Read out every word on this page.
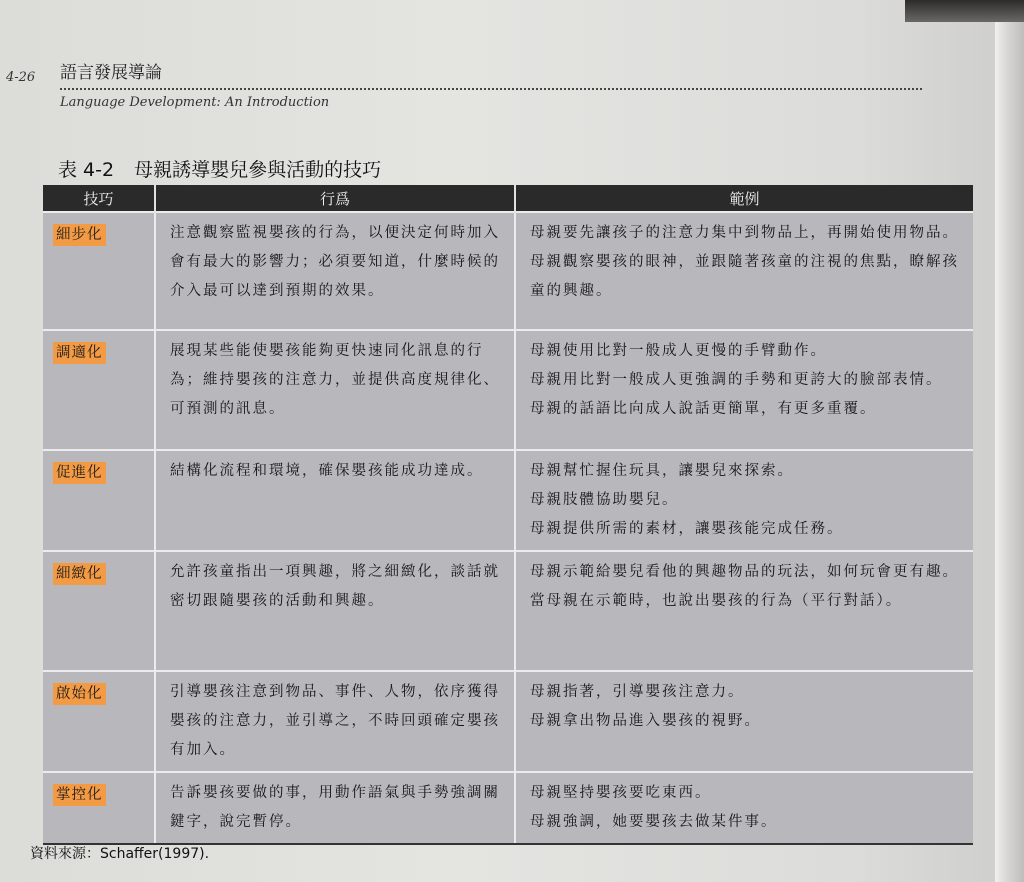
4-26 語言發展導論
Language Development: An Introduction
表 4-2 母親誘導嬰兒參與活動的技巧
技巧	行爲	範例
細步化	注意觀察監視嬰孩的行為，以便決定何時加入會有最大的影響力；必須要知道，什麼時候的介入最可以達到預期的效果。	母親要先讓孩子的注意力集中到物品上，再開始使用物品。
母親觀察嬰孩的眼神，並跟隨著孩童的注視的焦點，瞭解孩童的興趣。

調適化	展現某些能使嬰孩能夠更快速同化訊息的行為；維持嬰孩的注意力，並提供高度規律化、可預測的訊息。	母親使用比對一般成人更慢的手臂動作。
母親用比對一般成人更強調的手勢和更誇大的臉部表情。
母親的話語比向成人說話更簡單，有更多重覆。

促進化	結構化流程和環境，確保嬰孩能成功達成。	母親幫忙握住玩具，讓嬰兒來探索。
母親肢體協助嬰兒。
母親提供所需的素材，讓嬰孩能完成任務。

細緻化	允許孩童指出一項興趣，將之細緻化，談話就密切跟隨嬰孩的活動和興趣。	母親示範給嬰兒看他的興趣物品的玩法，如何玩會更有趣。
當母親在示範時，也說出嬰孩的行為（平行對話）。

啟始化	引導嬰孩注意到物品、事件、人物，依序獲得嬰孩的注意力，並引導之，不時回頭確定嬰孩有加入。	母親指著，引導嬰孩注意力。
母親拿出物品進入嬰孩的視野。

掌控化	告訴嬰孩要做的事，用動作語氣與手勢強調關鍵字，說完暫停。	母親堅持嬰孩要吃東西。
母親強調，她要嬰孩去做某件事。
資料來源：Schaffer(1997).
